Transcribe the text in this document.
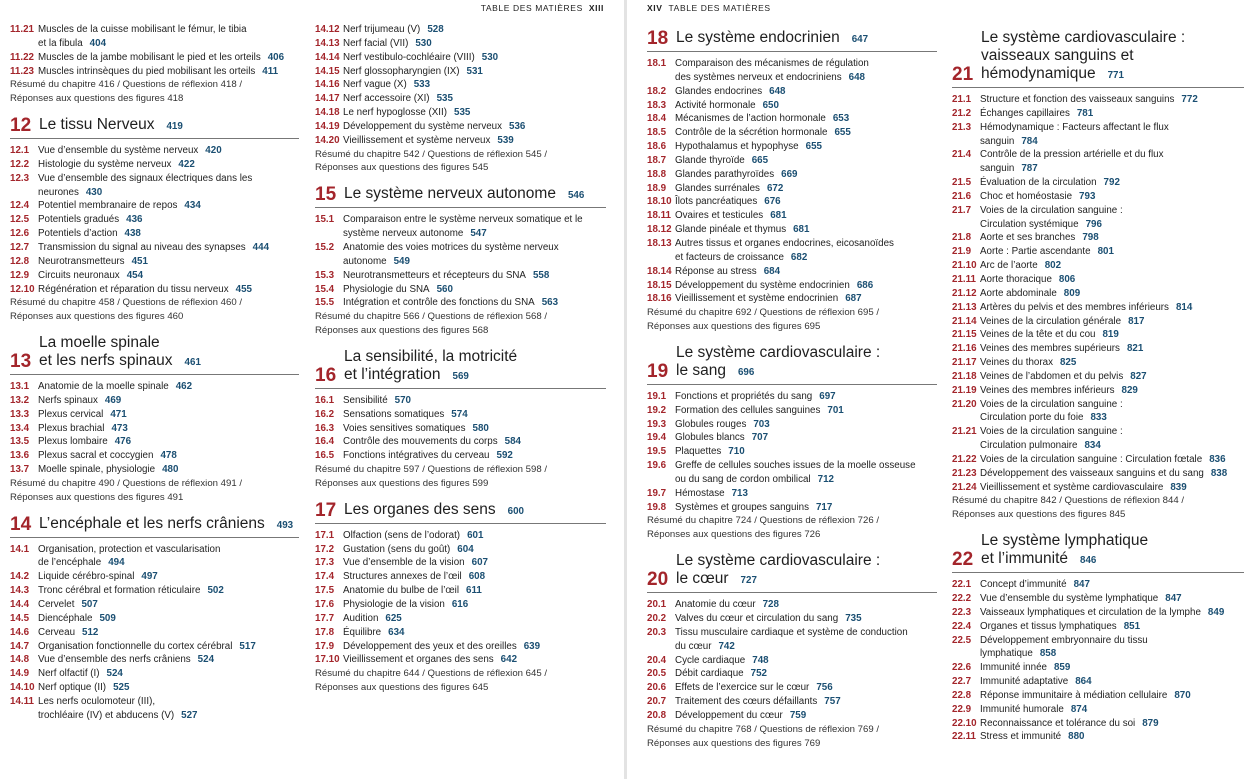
TABLE DES MATIÈRES XIII
11.21 Muscles de la cuisse mobilisant le fémur, le tibia
et la fibula 404
11.22 Muscles de la jambe mobilisant le pied et les orteils 406
11.23 Muscles intrinsèques du pied mobilisant les orteils 411
Résumé du chapitre 416 / Questions de réflexion 418 /
Réponses aux questions des figures 418
12 Le tissu Nerveux 419
12.1 Vue d’ensemble du système nerveux 420
12.2 Histologie du système nerveux 422
12.3 Vue d’ensemble des signaux électriques dans les
neurones 430
12.4 Potentiel membranaire de repos 434
12.5 Potentiels gradués 436
12.6 Potentiels d’action 438
12.7 Transmission du signal au niveau des synapses 444
12.8 Neurotransmetteurs 451
12.9 Circuits neuronaux 454
12.10 Régénération et réparation du tissu nerveux 455
Résumé du chapitre 458 / Questions de réflexion 460 /
Réponses aux questions des figures 460
13
La moelle spinale
et les nerfs spinaux 461
13.1 Anatomie de la moelle spinale 462
13.2 Nerfs spinaux 469
13.3 Plexus cervical 471
13.4 Plexus brachial 473
13.5 Plexus lombaire 476
13.6 Plexus sacral et coccygien 478
13.7 Moelle spinale, physiologie 480
Résumé du chapitre 490 / Questions de réflexion 491 /
Réponses aux questions des figures 491
14 L’encéphale et les nerfs crâniens 493
14.1 Organisation, protection et vascularisation
de l’encéphale 494
14.2 Liquide cérébro-spinal 497
14.3 Tronc cérébral et formation réticulaire 502
14.4 Cervelet 507
14.5 Diencéphale 509
14.6 Cerveau 512
14.7 Organisation fonctionnelle du cortex cérébral 517
14.8 Vue d’ensemble des nerfs crâniens 524
14.9 Nerf olfactif (I) 524
14.10 Nerf optique (II) 525
14.11 Les nerfs oculomoteur (III),
trochléaire (IV) et abducens (V) 527
14.12 Nerf trijumeau (V) 528
14.13 Nerf facial (VII) 530
14.14 Nerf vestibulo-cochléaire (VIII) 530
14.15 Nerf glossopharyngien (IX) 531
14.16 Nerf vague (X) 533
14.17 Nerf accessoire (XI) 535
14.18 Le nerf hypoglosse (XII) 535
14.19 Développement du système nerveux 536
14.20 Vieillissement et système nerveux 539
Résumé du chapitre 542 / Questions de réflexion 545 /
Réponses aux questions des figures 545
15 Le système nerveux autonome 546
15.1 Comparaison entre le système nerveux somatique et le
système nerveux autonome 547
15.2 Anatomie des voies motrices du système nerveux
autonome 549
15.3 Neurotransmetteurs et récepteurs du SNA 558
15.4 Physiologie du SNA 560
15.5 Intégration et contrôle des fonctions du SNA 563
Résumé du chapitre 566 / Questions de réflexion 568 /
Réponses aux questions des figures 568
16
La sensibilité, la motricité
et l’intégration 569
16.1 Sensibilité 570
16.2 Sensations somatiques 574
16.3 Voies sensitives somatiques 580
16.4 Contrôle des mouvements du corps 584
16.5 Fonctions intégratives du cerveau 592
Résumé du chapitre 597 / Questions de réflexion 598 /
Réponses aux questions des figures 599
17 Les organes des sens 600
17.1 Olfaction (sens de l’odorat) 601
17.2 Gustation (sens du goût) 604
17.3 Vue d’ensemble de la vision 607
17.4 Structures annexes de l’œil 608
17.5 Anatomie du bulbe de l’œil 611
17.6 Physiologie de la vision 616
17.7 Audition 625
17.8 Équilibre 634
17.9 Développement des yeux et des oreilles 639
17.10 Vieillissement et organes des sens 642
Résumé du chapitre 644 / Questions de réflexion 645 /
Réponses aux questions des figures 645
XIV TABLE DES MATIÈRES
18 Le système endocrinien 647
18.1 Comparaison des mécanismes de régulation
des systèmes nerveux et endocriniens 648
18.2 Glandes endocrines 648
18.3 Activité hormonale 650
18.4 Mécanismes de l’action hormonale 653
18.5 Contrôle de la sécrétion hormonale 655
18.6 Hypothalamus et hypophyse 655
18.7 Glande thyroïde 665
18.8 Glandes parathyroïdes 669
18.9 Glandes surrénales 672
18.10 Îlots pancréatiques 676
18.11 Ovaires et testicules 681
18.12 Glande pinéale et thymus 681
18.13 Autres tissus et organes endocrines, eicosanoïdes
et facteurs de croissance 682
18.14 Réponse au stress 684
18.15 Développement du système endocrinien 686
18.16 Vieillissement et système endocrinien 687
Résumé du chapitre 692 / Questions de réflexion 695 /
Réponses aux questions des figures 695
19
Le système cardiovasculaire :
le sang 696
19.1 Fonctions et propriétés du sang 697
19.2 Formation des cellules sanguines 701
19.3 Globules rouges 703
19.4 Globules blancs 707
19.5 Plaquettes 710
19.6 Greffe de cellules souches issues de la moelle osseuse
ou du sang de cordon ombilical 712
19.7 Hémostase 713
19.8 Systèmes et groupes sanguins 717
Résumé du chapitre 724 / Questions de réflexion 726 /
Réponses aux questions des figures 726
20
Le système cardiovasculaire :
le cœur 727
20.1 Anatomie du cœur 728
20.2 Valves du cœur et circulation du sang 735
20.3 Tissu musculaire cardiaque et système de conduction
du cœur 742
20.4 Cycle cardiaque 748
20.5 Débit cardiaque 752
20.6 Effets de l’exercice sur le cœur 756
20.7 Traitement des cœurs défaillants 757
20.8 Développement du cœur 759
Résumé du chapitre 768 / Questions de réflexion 769 /
Réponses aux questions des figures 769
21
Le système cardiovasculaire :
vaisseaux sanguins et
hémodynamique 771
21.1 Structure et fonction des vaisseaux sanguins 772
21.2 Échanges capillaires 781
21.3 Hémodynamique : Facteurs affectant le flux
sanguin 784
21.4 Contrôle de la pression artérielle et du flux
sanguin 787
21.5 Évaluation de la circulation 792
21.6 Choc et homéostasie 793
21.7 Voies de la circulation sanguine :
Circulation systémique 796
21.8 Aorte et ses branches 798
21.9 Aorte : Partie ascendante 801
21.10 Arc de l’aorte 802
21.11 Aorte thoracique 806
21.12 Aorte abdominale 809
21.13 Artères du pelvis et des membres inférieurs 814
21.14 Veines de la circulation générale 817
21.15 Veines de la tête et du cou 819
21.16 Veines des membres supérieurs 821
21.17 Veines du thorax 825
21.18 Veines de l’abdomen et du pelvis 827
21.19 Veines des membres inférieurs 829
21.20 Voies de la circulation sanguine :
Circulation porte du foie 833
21.21 Voies de la circulation sanguine :
Circulation pulmonaire 834
21.22 Voies de la circulation sanguine : Circulation fœtale 836
21.23 Développement des vaisseaux sanguins et du sang 838
21.24 Vieillissement et système cardiovasculaire 839
Résumé du chapitre 842 / Questions de réflexion 844 /
Réponses aux questions des figures 845
22
Le système lymphatique
et l’immunité 846
22.1 Concept d’immunité 847
22.2 Vue d’ensemble du système lymphatique 847
22.3 Vaisseaux lymphatiques et circulation de la lymphe 849
22.4 Organes et tissus lymphatiques 851
22.5 Développement embryonnaire du tissu
lymphatique 858
22.6 Immunité innée 859
22.7 Immunité adaptative 864
22.8 Réponse immunitaire à médiation cellulaire 870
22.9 Immunité humorale 874
22.10 Reconnaissance et tolérance du soi 879
22.11 Stress et immunité 880
